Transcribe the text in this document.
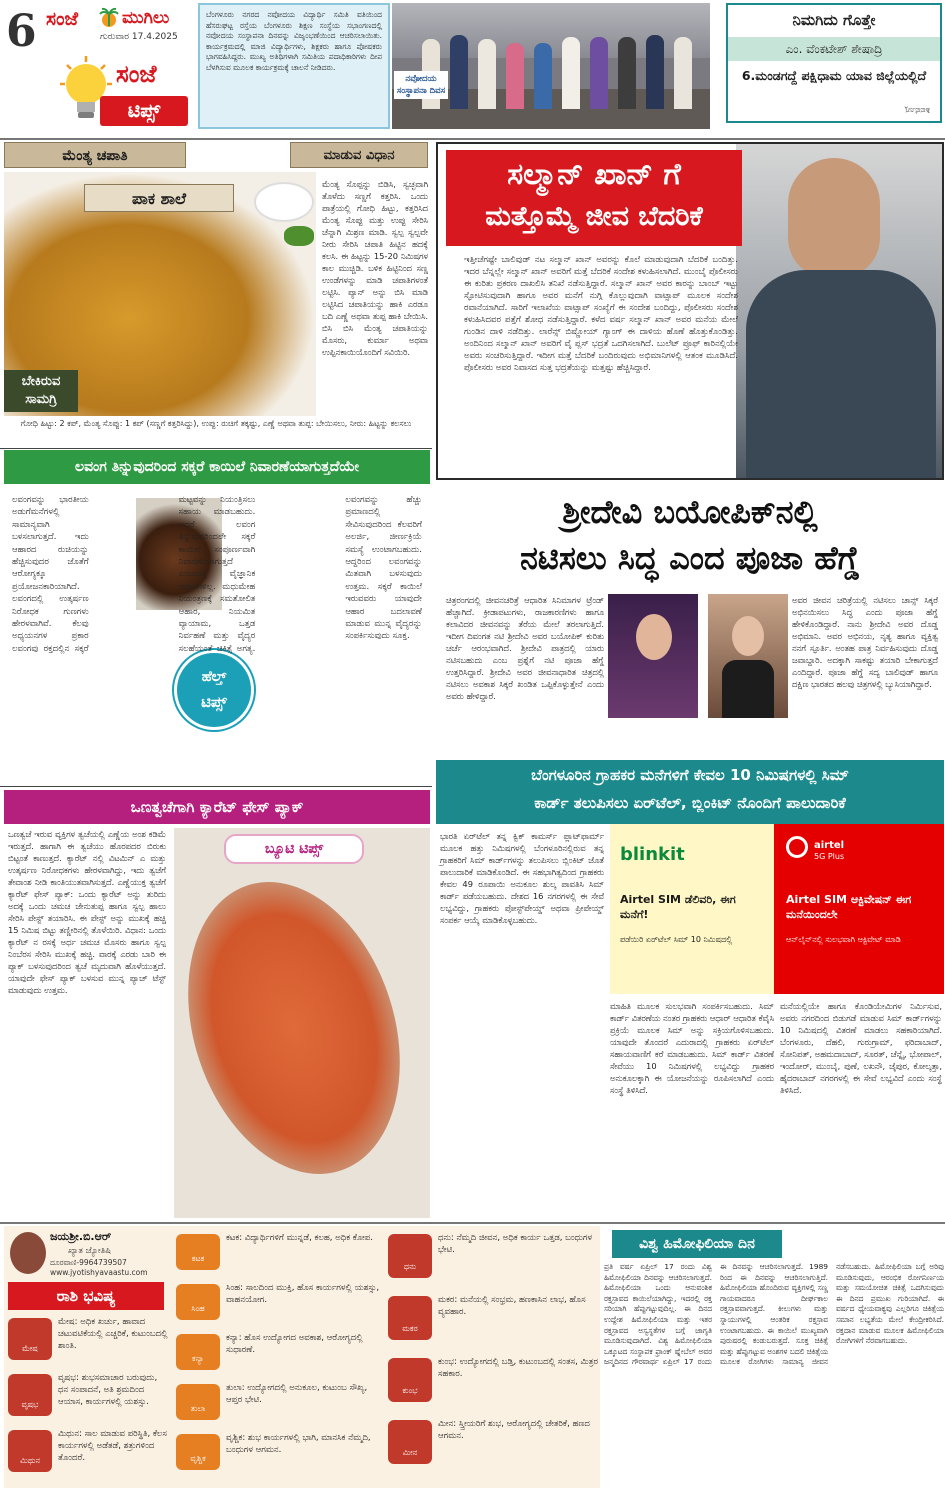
6 ಸಂಜೆ	ಮುಗಿಲು
ಗುರುವಾರ 17.4.2025
ಸಂಜೆ
ಟಿಪ್ಸ್
ಬೆಂಗಳೂರು ನಗರದ ನವೋದಯ ವಿದ್ಯಾರ್ಥಿ ಸಮಿತಿ ವತಿಯಿಂದ ಹೆಸರುಘಟ್ಟ ರಸ್ತೆಯ ಬೆಂಗಳೂರು ಶಿಕ್ಷಣ ಸಂಸ್ಥೆಯ ಸಭಾಂಗಣದಲ್ಲಿ ನವೋದಯ ಸಂಸ್ಥಾಪನಾ ದಿನವನ್ನು ವಿಜೃಂಭಣೆಯಿಂದ ಆಚರಿಸಲಾಯಿತು. ಕಾರ್ಯಕ್ರಮದಲ್ಲಿ ಮಾಜಿ ವಿದ್ಯಾರ್ಥಿಗಳು, ಶಿಕ್ಷಕರು ಹಾಗೂ ಪೋಷಕರು ಭಾಗವಹಿಸಿದ್ದರು. ಮುಖ್ಯ ಅತಿಥಿಗಳಾಗಿ ಸಮಿತಿಯ ಪದಾಧಿಕಾರಿಗಳು ದೀಪ ಬೆಳಗಿಸುವ ಮೂಲಕ ಕಾರ್ಯಕ್ರಮಕ್ಕೆ ಚಾಲನೆ ನೀಡಿದರು.
ನವೋದಯ ಸಂಸ್ಥಾಪನಾ ದಿವಸ
ನಿಮಗಿದು ಗೊತ್ತೇ
ಎಂ. ವೆಂಕಟೇಶ್ ಶೇಷಾದ್ರಿ
6.ಮಂಡಗದ್ದೆ ಪಕ್ಷಿಧಾಮ ಯಾವ ಜಿಲ್ಲೆಯಲ್ಲಿದೆ
ಶಿವಮೊಗ್ಗ
ಮೆಂತ್ಯ ಚಪಾತಿ	ಮಾಡುವ ವಿಧಾನ
ಪಾಕ ಶಾಲೆ
ಬೇಕಿರುವ ಸಾಮಗ್ರಿ
ಮೆಂತ್ಯ ಸೊಪ್ಪನ್ನು ಬಿಡಿಸಿ, ಸ್ವಚ್ಛವಾಗಿ ತೊಳೆದು ಸಣ್ಣಗೆ ಕತ್ತರಿಸಿ. ಒಂದು ಪಾತ್ರೆಯಲ್ಲಿ ಗೋಧಿ ಹಿಟ್ಟು, ಕತ್ತರಿಸಿದ ಮೆಂತ್ಯ ಸೊಪ್ಪು ಮತ್ತು ಉಪ್ಪು ಸೇರಿಸಿ ಚೆನ್ನಾಗಿ ಮಿಶ್ರಣ ಮಾಡಿ. ಸ್ವಲ್ಪ ಸ್ವಲ್ಪವೇ ನೀರು ಸೇರಿಸಿ ಚಪಾತಿ ಹಿಟ್ಟಿನ ಹದಕ್ಕೆ ಕಲಸಿ. ಈ ಹಿಟ್ಟನ್ನು 15-20 ನಿಮಿಷಗಳ ಕಾಲ ಮುಚ್ಚಿಡಿ. ಬಳಿಕ ಹಿಟ್ಟಿನಿಂದ ಸಣ್ಣ ಉಂಡೆಗಳನ್ನು ಮಾಡಿ ಚಪಾತಿಗಳಂತೆ ಲಟ್ಟಿಸಿ. ಪ್ಯಾನ್ ಅನ್ನು ಬಿಸಿ ಮಾಡಿ ಲಟ್ಟಿಸಿದ ಚಪಾತಿಯನ್ನು ಹಾಕಿ ಎರಡೂ ಬದಿ ಎಣ್ಣೆ ಅಥವಾ ತುಪ್ಪ ಹಾಕಿ ಬೇಯಿಸಿ. ಬಿಸಿ ಬಿಸಿ ಮೆಂತ್ಯ ಚಪಾತಿಯನ್ನು ಮೊಸರು, ಕುರ್ಮಾ ಅಥವಾ ಉಪ್ಪಿನಕಾಯಿಯೊಂದಿಗೆ ಸವಿಯಿರಿ.
ಗೋಧಿ ಹಿಟ್ಟು: 2 ಕಪ್, ಮೆಂತ್ಯ ಸೊಪ್ಪು: 1 ಕಪ್ (ಸಣ್ಣಗೆ ಕತ್ತರಿಸಿದ್ದು), ಉಪ್ಪು: ರುಚಿಗೆ ತಕ್ಕಷ್ಟು, ಎಣ್ಣೆ ಅಥವಾ ತುಪ್ಪ: ಬೇಯಿಸಲು, ನೀರು: ಹಿಟ್ಟನ್ನು ಕಲಸಲು
ಸಲ್ಮಾನ್ ಖಾನ್ ಗೆ
ಮತ್ತೊಮ್ಮೆ ಜೀವ ಬೆದರಿಕೆ
ಇತ್ತೀಚೆಗಷ್ಟೇ ಬಾಲಿವುಡ್ ನಟ ಸಲ್ಮಾನ್ ಖಾನ್ ಅವರನ್ನು ಕೊಲೆ ಮಾಡುವುದಾಗಿ ಬೆದರಿಕೆ ಬಂದಿತ್ತು. ಇದರ ಬೆನ್ನಲ್ಲೇ ಸಲ್ಮಾನ್ ಖಾನ್ ಅವರಿಗೆ ಮತ್ತೆ ಬೆದರಿಕೆ ಸಂದೇಶ ಕಳುಹಿಸಲಾಗಿದೆ. ಮುಂಬೈ ಪೊಲೀಸರು ಈ ಕುರಿತು ಪ್ರಕರಣ ದಾಖಲಿಸಿ ತನಿಖೆ ನಡೆಸುತ್ತಿದ್ದಾರೆ. ಸಲ್ಮಾನ್ ಖಾನ್ ಅವರ ಕಾರನ್ನು ಬಾಂಬ್ ಇಟ್ಟು ಸ್ಫೋಟಿಸುವುದಾಗಿ ಹಾಗೂ ಅವರ ಮನೆಗೆ ನುಗ್ಗಿ ಕೊಲ್ಲುವುದಾಗಿ ವಾಟ್ಸಾಪ್ ಮೂಲಕ ಸಂದೇಶ ರವಾನೆಯಾಗಿದೆ. ಸಾರಿಗೆ ಇಲಾಖೆಯ ವಾಟ್ಸಾಪ್ ಸಂಖ್ಯೆಗೆ ಈ ಸಂದೇಶ ಬಂದಿದ್ದು, ಪೊಲೀಸರು ಸಂದೇಶ ಕಳುಹಿಸಿದವರ ಪತ್ತೆಗೆ ಶೋಧ ನಡೆಸುತ್ತಿದ್ದಾರೆ. ಕಳೆದ ವರ್ಷ ಸಲ್ಮಾನ್ ಖಾನ್ ಅವರ ಮನೆಯ ಮೇಲೆ ಗುಂಡಿನ ದಾಳಿ ನಡೆದಿತ್ತು. ಲಾರೆನ್ಸ್ ಬಿಷ್ಣೋಯ್ ಗ್ಯಾಂಗ್ ಈ ದಾಳಿಯ ಹೊಣೆ ಹೊತ್ತುಕೊಂಡಿತ್ತು. ಅಂದಿನಿಂದ ಸಲ್ಮಾನ್ ಖಾನ್ ಅವರಿಗೆ ವೈ ಪ್ಲಸ್ ಭದ್ರತೆ ಒದಗಿಸಲಾಗಿದೆ. ಬುಲೆಟ್ ಪ್ರೂಫ್ ಕಾರಿನಲ್ಲಿಯೇ ಅವರು ಸಂಚರಿಸುತ್ತಿದ್ದಾರೆ. ಇದೀಗ ಮತ್ತೆ ಬೆದರಿಕೆ ಬಂದಿರುವುದು ಅಭಿಮಾನಿಗಳಲ್ಲಿ ಆತಂಕ ಮೂಡಿಸಿದೆ. ಪೊಲೀಸರು ಅವರ ನಿವಾಸದ ಸುತ್ತ ಭದ್ರತೆಯನ್ನು ಮತ್ತಷ್ಟು ಹೆಚ್ಚಿಸಿದ್ದಾರೆ.
ಲವಂಗ ತಿನ್ನುವುದರಿಂದ ಸಕ್ಕರೆ ಕಾಯಿಲೆ ನಿವಾರಣೆಯಾಗುತ್ತದೆಯೇ
ಹೆಲ್ತ್
ಟಿಪ್ಸ್
ಲವಂಗವನ್ನು ಭಾರತೀಯ ಅಡುಗೆಮನೆಗಳಲ್ಲಿ ಸಾಮಾನ್ಯವಾಗಿ ಬಳಸಲಾಗುತ್ತದೆ. ಇದು ಆಹಾರದ ರುಚಿಯನ್ನು ಹೆಚ್ಚಿಸುವುದರ ಜೊತೆಗೆ ಆರೋಗ್ಯಕ್ಕೂ ಪ್ರಯೋಜನಕಾರಿಯಾಗಿದೆ. ಲವಂಗದಲ್ಲಿ ಉತ್ಕರ್ಷಣ ನಿರೋಧಕ ಗುಣಗಳು ಹೇರಳವಾಗಿವೆ. ಕೆಲವು ಅಧ್ಯಯನಗಳ ಪ್ರಕಾರ ಲವಂಗವು ರಕ್ತದಲ್ಲಿನ ಸಕ್ಕರೆ ಮಟ್ಟವನ್ನು ನಿಯಂತ್ರಿಸಲು ಸಹಾಯ ಮಾಡಬಹುದು. ಆದರೆ ಲವಂಗ ತಿನ್ನುವುದರಿಂದಲೇ ಸಕ್ಕರೆ ಕಾಯಿಲೆ ಸಂಪೂರ್ಣವಾಗಿ ನಿವಾರಣೆಯಾಗುತ್ತದೆ ಎಂಬುದಕ್ಕೆ ವೈಜ್ಞಾನಿಕ ಆಧಾರಗಳಿಲ್ಲ. ಮಧುಮೇಹ ನಿಯಂತ್ರಣಕ್ಕೆ ಸಮತೋಲಿತ ಆಹಾರ, ನಿಯಮಿತ ವ್ಯಾಯಾಮ, ಒತ್ತಡ ನಿರ್ವಹಣೆ ಮತ್ತು ವೈದ್ಯರ ಸಲಹೆಯಂತೆ ಚಿಕಿತ್ಸೆ ಅಗತ್ಯ. ಲವಂಗವನ್ನು ಹೆಚ್ಚು ಪ್ರಮಾಣದಲ್ಲಿ ಸೇವಿಸುವುದರಿಂದ ಕೆಲವರಿಗೆ ಅಲರ್ಜಿ, ಜೀರ್ಣಕ್ರಿಯೆ ಸಮಸ್ಯೆ ಉಂಟಾಗಬಹುದು. ಆದ್ದರಿಂದ ಲವಂಗವನ್ನು ಮಿತವಾಗಿ ಬಳಸುವುದು ಉತ್ತಮ. ಸಕ್ಕರೆ ಕಾಯಿಲೆ ಇರುವವರು ಯಾವುದೇ ಆಹಾರ ಬದಲಾವಣೆ ಮಾಡುವ ಮುನ್ನ ವೈದ್ಯರನ್ನು ಸಂಪರ್ಕಿಸುವುದು ಸೂಕ್ತ.
ಒಣತ್ವಚೆಗಾಗಿ ಕ್ಯಾರೆಟ್ ಫೇಸ್ ಪ್ಯಾಕ್
ಒಣತ್ವಚೆ ಇರುವ ವ್ಯಕ್ತಿಗಳ ತ್ವಚೆಯಲ್ಲಿ ಎಣ್ಣೆಯ ಅಂಶ ಕಡಿಮೆ ಇರುತ್ತದೆ. ಹಾಗಾಗಿ ಈ ತ್ವಚೆಯು ಹೊರಪದರ ಬಿರುಕು ಬಿಟ್ಟಂತೆ ಕಾಣುತ್ತದೆ. ಕ್ಯಾರೆಟ್ ನಲ್ಲಿ ವಿಟಮಿನ್ ಎ ಮತ್ತು ಉತ್ಕರ್ಷಣ ನಿರೋಧಕಗಳು ಹೇರಳವಾಗಿದ್ದು, ಇದು ತ್ವಚೆಗೆ ತೇವಾಂಶ ನೀಡಿ ಕಾಂತಿಯುತವಾಗಿಸುತ್ತದೆ. ಎಣ್ಣೆಯುಕ್ತ ತ್ವಚೆಗೆ ಕ್ಯಾರೆಟ್ ಫೇಸ್ ಪ್ಯಾಕ್: ಒಂದು ಕ್ಯಾರೆಟ್ ಅನ್ನು ತುರಿದು ಅದಕ್ಕೆ ಒಂದು ಚಮಚ ಜೇನುತುಪ್ಪ ಹಾಗೂ ಸ್ವಲ್ಪ ಹಾಲು ಸೇರಿಸಿ ಪೇಸ್ಟ್ ತಯಾರಿಸಿ. ಈ ಪೇಸ್ಟ್ ಅನ್ನು ಮುಖಕ್ಕೆ ಹಚ್ಚಿ 15 ನಿಮಿಷ ಬಿಟ್ಟು ತಣ್ಣೀರಿನಲ್ಲಿ ತೊಳೆಯಿರಿ. ವಿಧಾನ: ಒಂದು ಕ್ಯಾರೆಟ್ ನ ರಸಕ್ಕೆ ಅರ್ಧ ಚಮಚ ಮೊಸರು ಹಾಗೂ ಸ್ವಲ್ಪ ನಿಂಬೆರಸ ಸೇರಿಸಿ ಮುಖಕ್ಕೆ ಹಚ್ಚಿ. ವಾರಕ್ಕೆ ಎರಡು ಬಾರಿ ಈ ಪ್ಯಾಕ್ ಬಳಸುವುದರಿಂದ ತ್ವಚೆ ಮೃದುವಾಗಿ ಹೊಳೆಯುತ್ತದೆ. ಯಾವುದೇ ಫೇಸ್ ಪ್ಯಾಕ್ ಬಳಸುವ ಮುನ್ನ ಪ್ಯಾಚ್ ಟೆಸ್ಟ್ ಮಾಡುವುದು ಉತ್ತಮ.
ಬ್ಯೂಟಿ ಟಿಪ್ಸ್
ಶ್ರೀದೇವಿ ಬಯೋಪಿಕ್‌ನಲ್ಲಿ
ನಟಿಸಲು ಸಿದ್ಧ ಎಂದ ಪೂಜಾ ಹೆಗ್ಡೆ
ಚಿತ್ರರಂಗದಲ್ಲಿ ಜೀವನಚರಿತ್ರೆ ಆಧಾರಿತ ಸಿನಿಮಾಗಳ ಟ್ರೆಂಡ್ ಹೆಚ್ಚಾಗಿದೆ. ಕ್ರೀಡಾಪಟುಗಳು, ರಾಜಕಾರಣಿಗಳು ಹಾಗೂ ಕಲಾವಿದರ ಜೀವನವನ್ನು ತೆರೆಯ ಮೇಲೆ ತರಲಾಗುತ್ತಿದೆ. ಇದೀಗ ದಿವಂಗತ ನಟಿ ಶ್ರೀದೇವಿ ಅವರ ಬಯೋಪಿಕ್ ಕುರಿತು ಚರ್ಚೆ ಆರಂಭವಾಗಿದೆ. ಶ್ರೀದೇವಿ ಪಾತ್ರದಲ್ಲಿ ಯಾರು ನಟಿಸಬಹುದು ಎಂಬ ಪ್ರಶ್ನೆಗೆ ನಟಿ ಪೂಜಾ ಹೆಗ್ಡೆ ಉತ್ತರಿಸಿದ್ದಾರೆ. ಶ್ರೀದೇವಿ ಅವರ ಜೀವನಾಧಾರಿತ ಚಿತ್ರದಲ್ಲಿ ನಟಿಸಲು ಅವಕಾಶ ಸಿಕ್ಕರೆ ಖಂಡಿತ ಒಪ್ಪಿಕೊಳ್ಳುತ್ತೇನೆ ಎಂದು ಅವರು ಹೇಳಿದ್ದಾರೆ.
ಅವರ ಜೀವನ ಚರಿತ್ರೆಯಲ್ಲಿ ನಟಿಸಲು ಚಾನ್ಸ್ ಸಿಕ್ಕರೆ ಅಭಿನಯಿಸಲು ಸಿದ್ಧ ಎಂದು ಪೂಜಾ ಹೆಗ್ಡೆ ಹೇಳಿಕೊಂಡಿದ್ದಾರೆ. ನಾನು ಶ್ರೀದೇವಿ ಅವರ ದೊಡ್ಡ ಅಭಿಮಾನಿ. ಅವರ ಅಭಿನಯ, ನೃತ್ಯ ಹಾಗೂ ವ್ಯಕ್ತಿತ್ವ ನನಗೆ ಸ್ಫೂರ್ತಿ. ಅಂತಹ ಪಾತ್ರ ನಿರ್ವಹಿಸುವುದು ದೊಡ್ಡ ಜವಾಬ್ದಾರಿ. ಅದಕ್ಕಾಗಿ ಸಾಕಷ್ಟು ತಯಾರಿ ಬೇಕಾಗುತ್ತದೆ ಎಂದಿದ್ದಾರೆ. ಪೂಜಾ ಹೆಗ್ಡೆ ಸದ್ಯ ಬಾಲಿವುಡ್ ಹಾಗೂ ದಕ್ಷಿಣ ಭಾರತದ ಹಲವು ಚಿತ್ರಗಳಲ್ಲಿ ಬ್ಯುಸಿಯಾಗಿದ್ದಾರೆ.
ಬೆಂಗಳೂರಿನ ಗ್ರಾಹಕರ ಮನೆಗಳಿಗೆ ಕೇವಲ 10 ನಿಮಿಷಗಳಲ್ಲಿ ಸಿಮ್
ಕಾರ್ಡ್ ತಲುಪಿಸಲು ಏರ್‌ಟೆಲ್, ಬ್ಲಿಂಕಿಟ್ ನೊಂದಿಗೆ ಪಾಲುದಾರಿಕೆ
ಭಾರತಿ ಏರ್‌ಟೆಲ್ ತನ್ನ ಕ್ವಿಕ್ ಕಾಮರ್ಸ್ ಪ್ಲಾಟ್‌ಫಾರ್ಮ್ ಮೂಲಕ ಹತ್ತು ನಿಮಿಷಗಳಲ್ಲಿ ಬೆಂಗಳೂರಿನಲ್ಲಿರುವ ತನ್ನ ಗ್ರಾಹಕರಿಗೆ ಸಿಮ್ ಕಾರ್ಡ್‌ಗಳನ್ನು ತಲುಪಿಸಲು ಬ್ಲಿಂಕಿಟ್ ಜೊತೆ ಪಾಲುದಾರಿಕೆ ಮಾಡಿಕೊಂಡಿದೆ. ಈ ಸಹಭಾಗಿತ್ವದಿಂದ ಗ್ರಾಹಕರು ಕೇವಲ 49 ರೂಪಾಯಿ ಅನುಕೂಲ ಶುಲ್ಕ ಪಾವತಿಸಿ ಸಿಮ್ ಕಾರ್ಡ್ ಪಡೆಯಬಹುದು. ದೇಶದ 16 ನಗರಗಳಲ್ಲಿ ಈ ಸೇವೆ ಲಭ್ಯವಿದ್ದು, ಗ್ರಾಹಕರು ಪೋಸ್ಟ್‌ಪೇಯ್ಡ್ ಅಥವಾ ಪ್ರೀಪೇಯ್ಡ್ ಸಂಪರ್ಕ ಆಯ್ಕೆ ಮಾಡಿಕೊಳ್ಳಬಹುದು.
blinkit
Airtel SIM ಡೆಲಿವರಿ, ಈಗ ಮನೆಗೆ!
ಪಡೆಯಿರಿ ಏರ್‌ಟೆಲ್ ಸಿಮ್ 10 ನಿಮಿಷದಲ್ಲಿ
airtel
5G Plus
Airtel SIM ಆಕ್ಟಿವೇಷನ್ ಈಗ ಮನೆಯಿಂದಲೇ
ಆನ್‌ಲೈನ್‌ನಲ್ಲಿ ಸುಲಭವಾಗಿ ಆಕ್ಟಿವೇಟ್ ಮಾಡಿ
ಮಾಹಿತಿ ಮೂಲಕ ಸುಲಭವಾಗಿ ಸಂಪರ್ಕಿಸಬಹುದು. ಸಿಮ್ ಕಾರ್ಡ್ ವಿತರಣೆಯ ನಂತರ ಗ್ರಾಹಕರು ಆಧಾರ್ ಆಧಾರಿತ ಕೆವೈಸಿ ಪ್ರಕ್ರಿಯೆ ಮೂಲಕ ಸಿಮ್ ಅನ್ನು ಸಕ್ರಿಯಗೊಳಿಸಬಹುದು. ಯಾವುದೇ ತೊಂದರೆ ಎದುರಾದಲ್ಲಿ ಗ್ರಾಹಕರು ಏರ್‌ಟೆಲ್ ಸಹಾಯವಾಣಿಗೆ ಕರೆ ಮಾಡಬಹುದು. ಸಿಮ್ ಕಾರ್ಡ್ ವಿತರಣೆ ಸೇವೆಯು 10 ನಿಮಿಷಗಳಲ್ಲಿ ಲಭ್ಯವಿದ್ದು ಗ್ರಾಹಕರ ಅನುಕೂಲಕ್ಕಾಗಿ ಈ ಯೋಜನೆಯನ್ನು ರೂಪಿಸಲಾಗಿದೆ ಎಂದು ಸಂಸ್ಥೆ ತಿಳಿಸಿದೆ.
ಮನೆಯಲ್ಲಿಯೇ ಹಾಗೂ ಕೊಂಡಿಯೇಮಿಗಳ ನಿರ್ಮಿಸುವ, ಅವರು ನಗರದಿಂದ ಬಿಡುಗಡೆ ಮಾಡುವ ಸಿಮ್ ಕಾರ್ಡ್‌ಗಳನ್ನು 10 ನಿಮಿಷದಲ್ಲಿ ವಿತರಣೆ ಮಾಡಲು ಸಹಕಾರಿಯಾಗಿದೆ. ಬೆಂಗಳೂರು, ದೆಹಲಿ, ಗುರುಗ್ರಾಮ್, ಫರಿದಾಬಾದ್, ಸೋನಿಪತ್, ಅಹಮದಾಬಾದ್, ಸೂರತ್, ಚೆನ್ನೈ, ಭೋಪಾಲ್, ಇಂದೋರ್, ಮುಂಬೈ, ಪುಣೆ, ಲಖನೌ, ಜೈಪುರ, ಕೋಲ್ಕತ್ತಾ, ಹೈದರಾಬಾದ್ ನಗರಗಳಲ್ಲಿ ಈ ಸೇವೆ ಲಭ್ಯವಿದೆ ಎಂದು ಸಂಸ್ಥೆ ತಿಳಿಸಿದೆ.
ಜಯಶ್ರೀ.ಬಿ.ಆರ್
ಖ್ಯಾತ ಜ್ಯೋತಿಷಿ
ದೂರವಾಣಿ-9964739507
www.jyotishyavaastu.com
ರಾಶಿ ಭವಿಷ್ಯ
ಮೇಷ
ಮೇಷ: ಅಧಿಕ ಖರ್ಚು, ಹಾವಾದ ಚಟುವಟಿಕೆಯಲ್ಲಿ ಎಚ್ಚರಿಕೆ, ಕುಟುಂಬದಲ್ಲಿ ಶಾಂತಿ.
ವೃಷಭ
ವೃಷಭ: ಶುಭಸಮಾಚಾರ ಬರುವುದು, ಧನ ಸಂಪಾದನೆ, ಅತಿ ಶ್ರಮದಿಂದ ಆಯಾಸ, ಕಾರ್ಯಗಳಲ್ಲಿ ಯಶಸ್ಸು.
ಮಿಥುನ
ಮಿಥುನ: ಸಾಲ ಮಾಡುವ ಪರಿಸ್ಥಿತಿ, ಕೆಲಸ ಕಾರ್ಯಗಳಲ್ಲಿ ಅಡೆತಡೆ, ಶತ್ರುಗಳಿಂದ ತೊಂದರೆ.
ಕಟಕ
ಕಟಕ: ವಿದ್ಯಾರ್ಥಿಗಳಿಗೆ ಮುನ್ನಡೆ, ಕಲಹ, ಅಧಿಕ ಕೋಪ.
ಸಿಂಹ
ಸಿಂಹ: ಸಾಲದಿಂದ ಮುಕ್ತಿ, ಹೊಸ ಕಾರ್ಯಗಳಲ್ಲಿ ಯಶಸ್ಸು, ವಾಹನಯೋಗ.
ಕನ್ಯಾ
ಕನ್ಯಾ: ಹೊಸ ಉದ್ಯೋಗದ ಅವಕಾಶ, ಆರೋಗ್ಯದಲ್ಲಿ ಸುಧಾರಣೆ.
ತುಲಾ
ತುಲಾ: ಉದ್ಯೋಗದಲ್ಲಿ ಅನುಕೂಲ, ಕುಟುಂಬ ಸೌಖ್ಯ, ಆಪ್ತರ ಭೇಟಿ.
ವೃಶ್ಚಿಕ
ವೃಶ್ಚಿಕ: ಶುಭ ಕಾರ್ಯಗಳಲ್ಲಿ ಭಾಗಿ, ಮಾನಸಿಕ ನೆಮ್ಮದಿ, ಬಂಧುಗಳ ಆಗಮನ.
ಧನು
ಧನು: ನೆಮ್ಮದಿ ಜೀವನ, ಅಧಿಕ ಕಾರ್ಯ ಒತ್ತಡ, ಬಂಧುಗಳ ಭೇಟಿ.
ಮಕರ
ಮಕರ: ಮನೆಯಲ್ಲಿ ಸಂಭ್ರಮ, ಹಣಕಾಸಿನ ಲಾಭ, ಹೊಸ ವ್ಯವಹಾರ.
ಕುಂಭ
ಕುಂಭ: ಉದ್ಯೋಗದಲ್ಲಿ ಬಡ್ತಿ, ಕುಟುಂಬದಲ್ಲಿ ಸಂತಸ, ಮಿತ್ರರ ಸಹಕಾರ.
ಮೀನ
ಮೀನ: ಸ್ತ್ರೀಯರಿಗೆ ಶುಭ, ಆರೋಗ್ಯದಲ್ಲಿ ಚೇತರಿಕೆ, ಹಣದ ಆಗಮನ.
ವಿಶ್ವ ಹಿಮೋಫಿಲಿಯಾ ದಿನ
ಪ್ರತಿ ವರ್ಷ ಏಪ್ರಿಲ್ 17 ರಂದು ವಿಶ್ವ ಹಿಮೋಫಿಲಿಯಾ ದಿನವನ್ನು ಆಚರಿಸಲಾಗುತ್ತದೆ. ಹಿಮೋಫಿಲಿಯಾ ಒಂದು ಆನುವಂಶಿಕ ರಕ್ತಸ್ರಾವದ ಕಾಯಿಲೆಯಾಗಿದ್ದು, ಇದರಲ್ಲಿ ರಕ್ತ ಸರಿಯಾಗಿ ಹೆಪ್ಪುಗಟ್ಟುವುದಿಲ್ಲ. ಈ ದಿನದ ಉದ್ದೇಶ ಹಿಮೋಫಿಲಿಯಾ ಮತ್ತು ಇತರ ರಕ್ತಸ್ರಾವದ ಅಸ್ವಸ್ಥತೆಗಳ ಬಗ್ಗೆ ಜಾಗೃತಿ ಮೂಡಿಸುವುದಾಗಿದೆ. ವಿಶ್ವ ಹಿಮೋಫಿಲಿಯಾ ಒಕ್ಕೂಟದ ಸಂಸ್ಥಾಪಕ ಫ್ರಾಂಕ್ ಷ್ನೇಬೆಲ್ ಅವರ ಜನ್ಮದಿನದ ಗೌರವಾರ್ಥ ಏಪ್ರಿಲ್ 17 ರಂದು ಈ ದಿನವನ್ನು ಆಚರಿಸಲಾಗುತ್ತದೆ. 1989 ರಿಂದ ಈ ದಿನವನ್ನು ಆಚರಿಸಲಾಗುತ್ತಿದೆ. ಹಿಮೋಫಿಲಿಯಾ ಹೊಂದಿರುವ ವ್ಯಕ್ತಿಗಳಲ್ಲಿ ಸಣ್ಣ ಗಾಯವಾದರೂ ದೀರ್ಘಕಾಲ ರಕ್ತಸ್ರಾವವಾಗುತ್ತದೆ. ಕೀಲುಗಳು ಮತ್ತು ಸ್ನಾಯುಗಳಲ್ಲಿ ಆಂತರಿಕ ರಕ್ತಸ್ರಾವ ಉಂಟಾಗಬಹುದು. ಈ ಕಾಯಿಲೆ ಮುಖ್ಯವಾಗಿ ಪುರುಷರಲ್ಲಿ ಕಂಡುಬರುತ್ತದೆ. ಸೂಕ್ತ ಚಿಕಿತ್ಸೆ ಮತ್ತು ಹೆಪ್ಪುಗಟ್ಟುವ ಅಂಶಗಳ ಬದಲಿ ಚಿಕಿತ್ಸೆಯ ಮೂಲಕ ರೋಗಿಗಳು ಸಾಮಾನ್ಯ ಜೀವನ ನಡೆಸಬಹುದು. ಹಿಮೋಫಿಲಿಯಾ ಬಗ್ಗೆ ಅರಿವು ಮೂಡಿಸುವುದು, ಆರಂಭಿಕ ರೋಗನಿರ್ಣಯ ಮತ್ತು ಸಮಯೋಚಿತ ಚಿಕಿತ್ಸೆ ಒದಗಿಸುವುದು ಈ ದಿನದ ಪ್ರಮುಖ ಗುರಿಯಾಗಿದೆ. ಈ ವರ್ಷದ ಧ್ಯೇಯವಾಕ್ಯವು ಎಲ್ಲರಿಗೂ ಚಿಕಿತ್ಸೆಯ ಸಮಾನ ಲಭ್ಯತೆಯ ಮೇಲೆ ಕೇಂದ್ರೀಕರಿಸಿದೆ. ರಕ್ತದಾನ ಮಾಡುವ ಮೂಲಕ ಹಿಮೋಫಿಲಿಯಾ ರೋಗಿಗಳಿಗೆ ನೆರವಾಗಬಹುದು.
